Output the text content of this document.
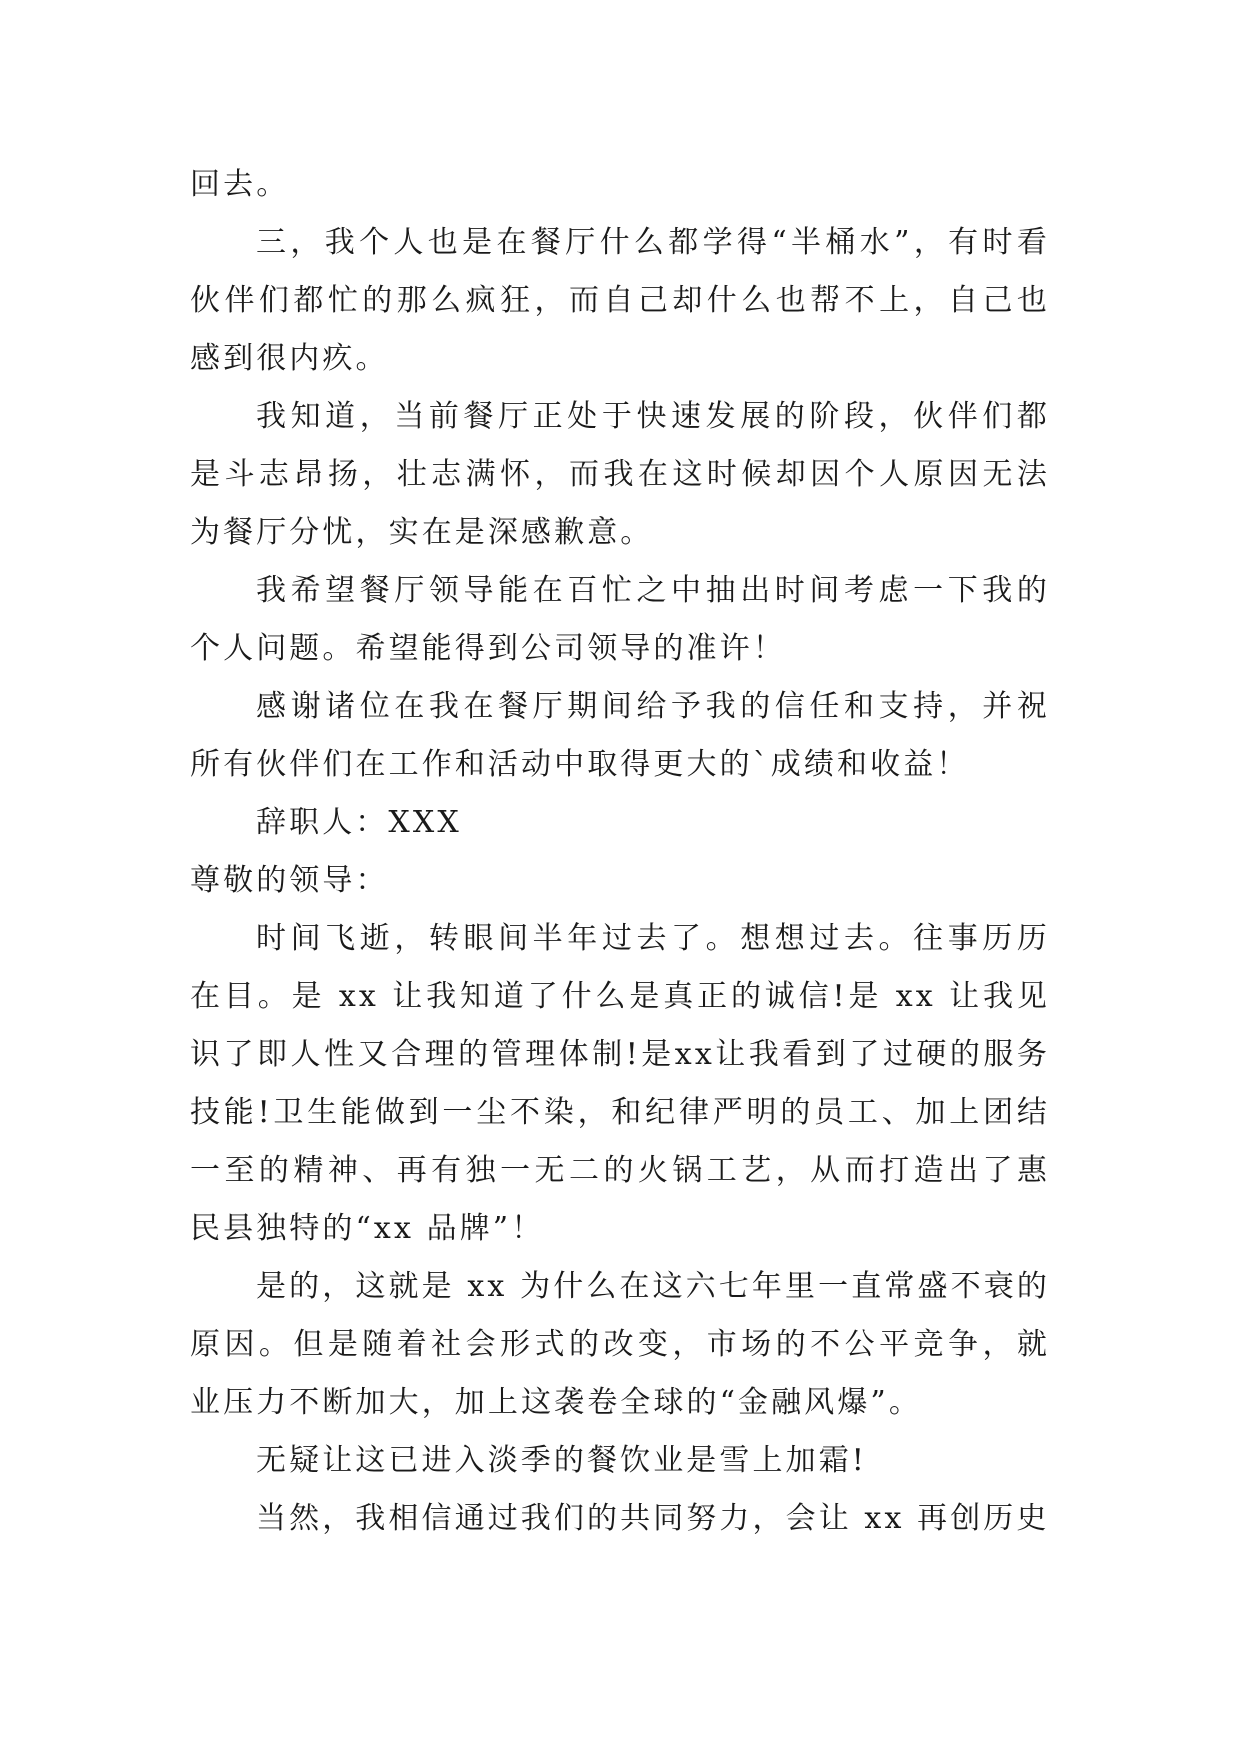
回去。

三，我个人也是在餐厅什么都学得“半桶水”，有时看伙伴们都忙的那么疯狂，而自己却什么也帮不上，自己也感到很内疚。

我知道，当前餐厅正处于快速发展的阶段，伙伴们都是斗志昂扬，壮志满怀，而我在这时候却因个人原因无法为餐厅分忧，实在是深感歉意。

我希望餐厅领导能在百忙之中抽出时间考虑一下我的个人问题。希望能得到公司领导的准许！

感谢诸位在我在餐厅期间给予我的信任和支持，并祝所有伙伴们在工作和活动中取得更大的`成绩和收益！

辞职人：XXX

尊敬的领导：

时间飞逝，转眼间半年过去了。想想过去。往事历历在目。是 xx 让我知道了什么是真正的诚信!是 xx 让我见识了即人性又合理的管理体制!是xx让我看到了过硬的服务技能!卫生能做到一尘不染，和纪律严明的员工、加上团结一至的精神、再有独一无二的火锅工艺，从而打造出了惠民县独特的“xx 品牌”！

是的，这就是 xx 为什么在这六七年里一直常盛不衰的原因。但是随着社会形式的改变，市场的不公平竞争，就业压力不断加大，加上这袭卷全球的“金融风爆”。

无疑让这已进入淡季的餐饮业是雪上加霜!

当然，我相信通过我们的共同努力，会让 xx 再创历史
